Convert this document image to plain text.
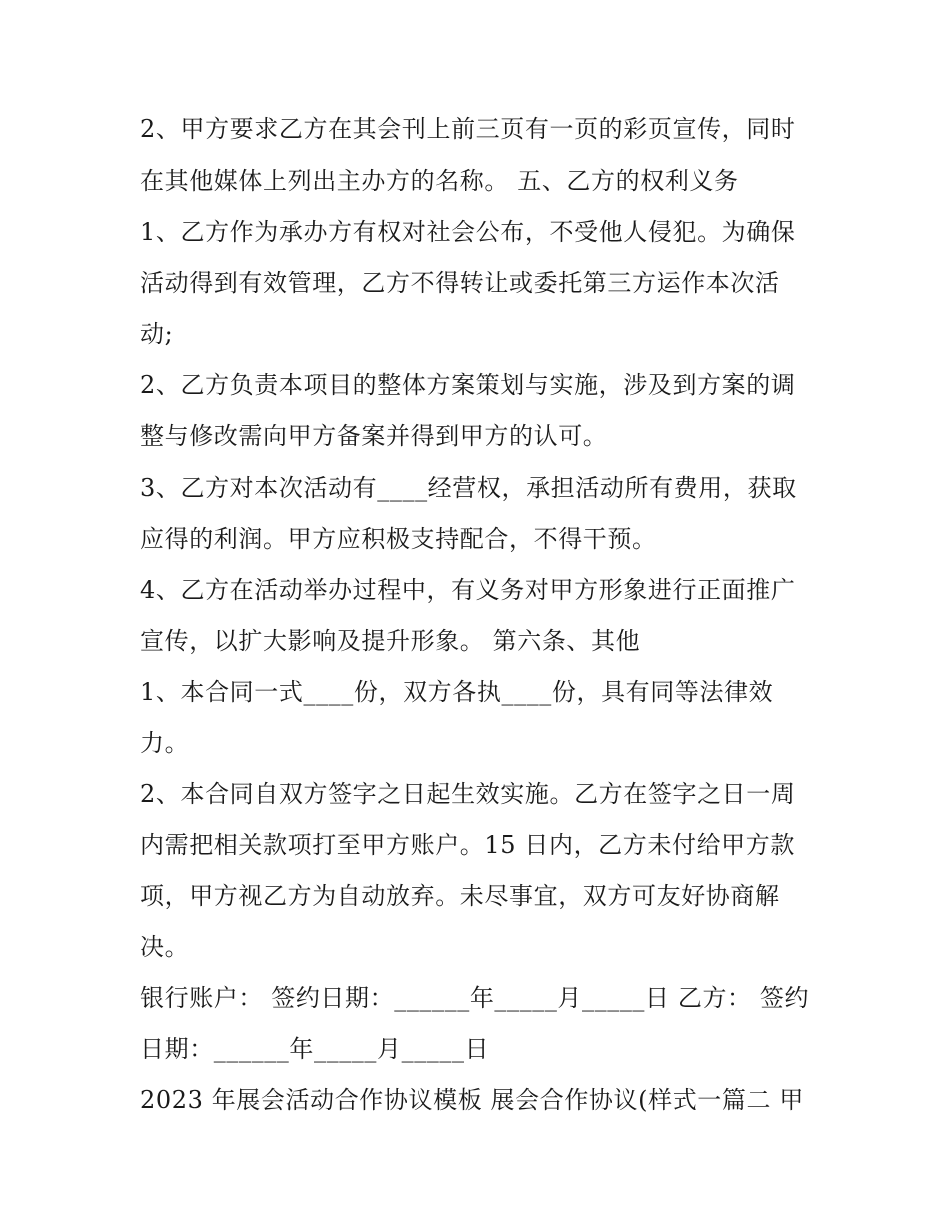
2、甲方要求乙方在其会刊上前三页有一页的彩页宣传，同时
在其他媒体上列出主办方的名称。 五、乙方的权利义务
1、乙方作为承办方有权对社会公布，不受他人侵犯。为确保
活动得到有效管理，乙方不得转让或委托第三方运作本次活
动;
2、乙方负责本项目的整体方案策划与实施，涉及到方案的调
整与修改需向甲方备案并得到甲方的认可。
3、乙方对本次活动有____经营权，承担活动所有费用，获取
应得的利润。甲方应积极支持配合，不得干预。
4、乙方在活动举办过程中，有义务对甲方形象进行正面推广
宣传，以扩大影响及提升形象。 第六条、其他
1、本合同一式____份，双方各执____份，具有同等法律效
力。
2、本合同自双方签字之日起生效实施。乙方在签字之日一周
内需把相关款项打至甲方账户。15 日内，乙方未付给甲方款
项，甲方视乙方为自动放弃。未尽事宜，双方可友好协商解
决。
银行账户： 签约日期：______年_____月_____日 乙方： 签约
日期：______年_____月_____日
2023 年展会活动合作协议模板 展会合作协议(样式一篇二 甲
